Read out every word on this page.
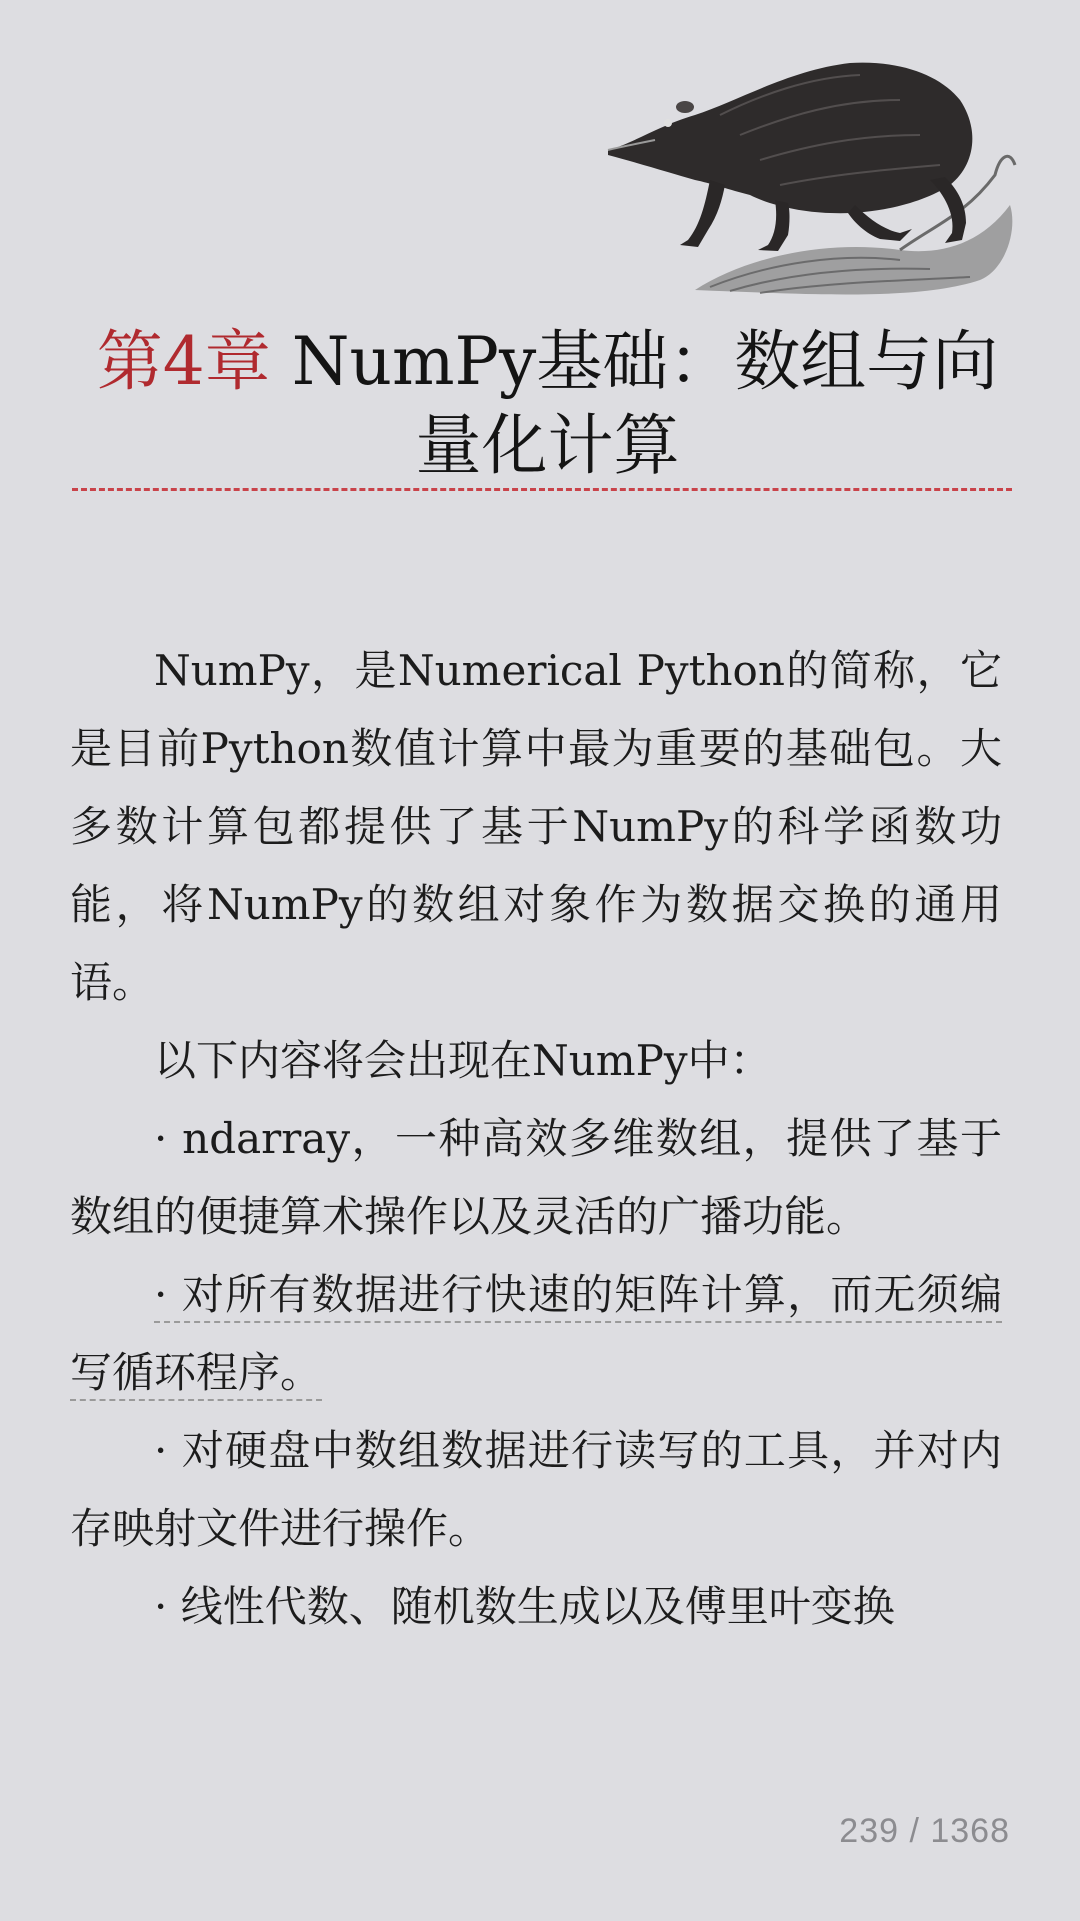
第4章 NumPy基础：数组与向量化计算

NumPy，是Numerical Python的简称，它是目前Python数值计算中最为重要的基础包。大多数计算包都提供了基于NumPy的科学函数功能，将NumPy的数组对象作为数据交换的通用语。

以下内容将会出现在NumPy中：

· ndarray，一种高效多维数组，提供了基于数组的便捷算术操作以及灵活的广播功能。

· 对所有数据进行快速的矩阵计算，而无须编写循环程序。

· 对硬盘中数组数据进行读写的工具，并对内存映射文件进行操作。

· 线性代数、随机数生成以及傅里叶变换

239 / 1368
